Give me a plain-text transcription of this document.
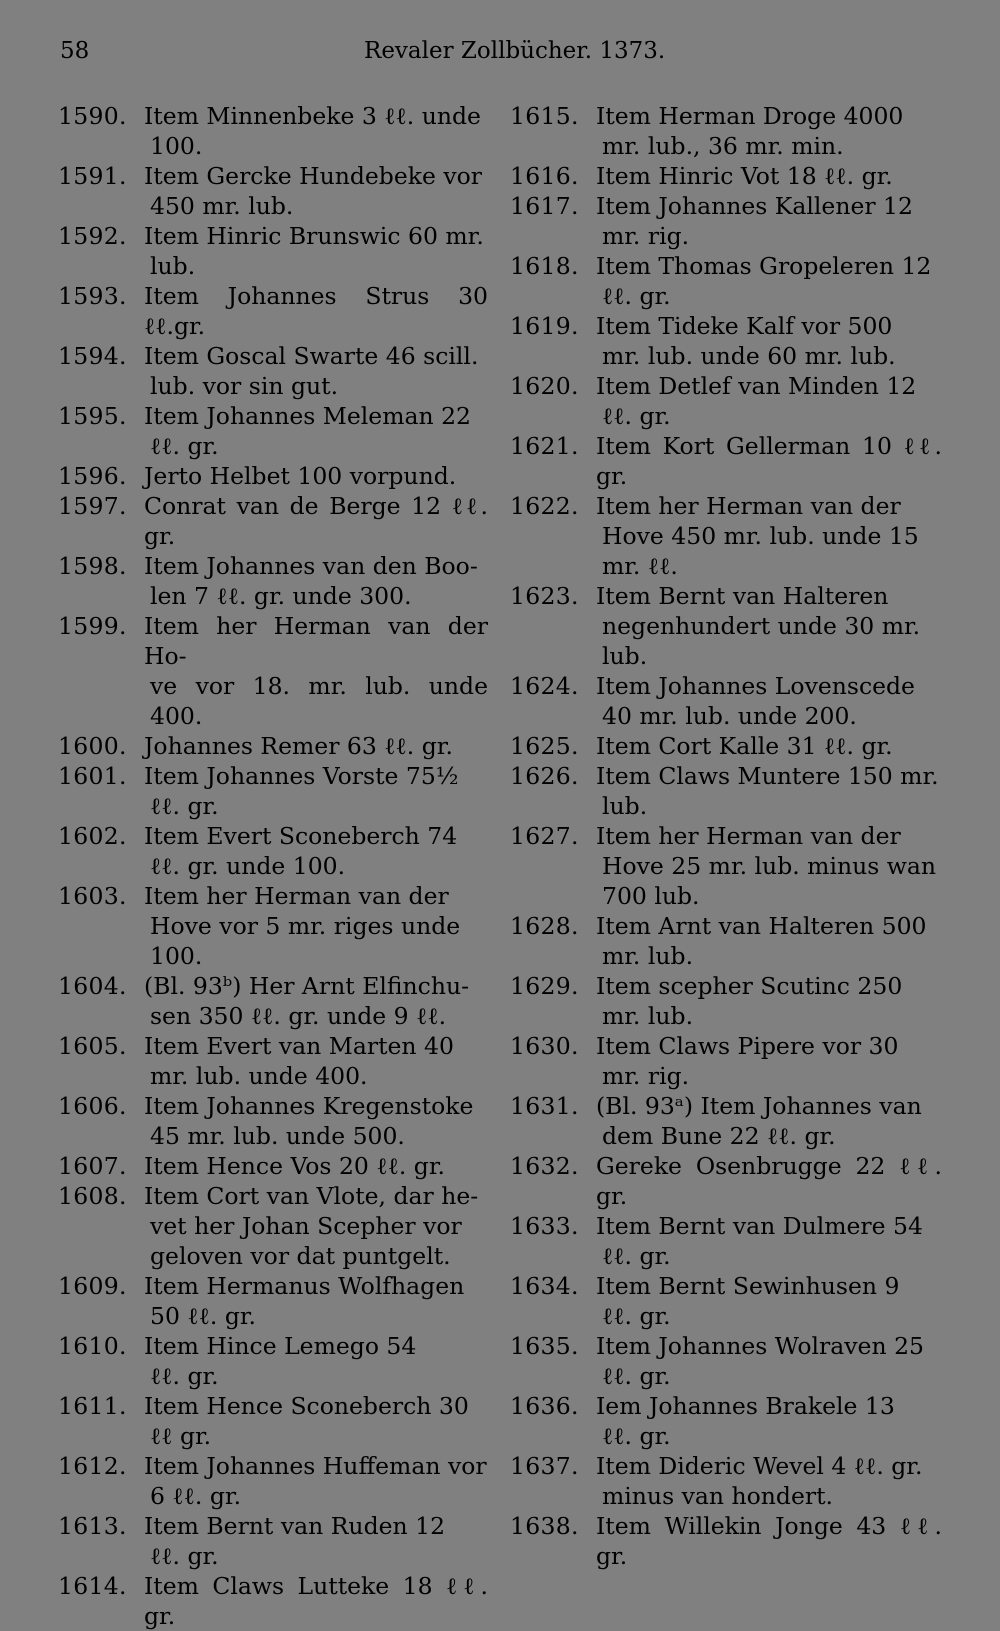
58	Revaler Zollbücher. 1373.
1590. Item Minnenbeke 3 ℓℓ. unde
100.
1591. Item Gercke Hundebeke vor
450 mr. lub.
1592. Item Hinric Brunswic 60 mr.
lub.
1593. Item Johannes Strus 30 ℓℓ.gr.
1594. Item Goscal Swarte 46 scill.
lub. vor sin gut.
1595. Item Johannes Meleman 22
ℓℓ. gr.
1596. Jerto Helbet 100 vorpund.
1597. Conrat van de Berge 12 ℓℓ. gr.
1598. Item Johannes van den Boo-
len 7 ℓℓ. gr. unde 300.
1599. Item her Herman van der Ho-
ve vor 18. mr. lub. unde 400.
1600. Johannes Remer 63 ℓℓ. gr.
1601. Item Johannes Vorste 75½
ℓℓ. gr.
1602. Item Evert Sconeberch 74
ℓℓ. gr. unde 100.
1603. Item her Herman van der
Hove vor 5 mr. riges unde
100.
1604. (Bl. 93ᵇ) Her Arnt Elfinchu-
sen 350 ℓℓ. gr. unde 9 ℓℓ.
1605. Item Evert van Marten 40
mr. lub. unde 400.
1606. Item Johannes Kregenstoke
45 mr. lub. unde 500.
1607. Item Hence Vos 20 ℓℓ. gr.
1608. Item Cort van Vlote, dar he-
vet her Johan Scepher vor
geloven vor dat puntgelt.
1609. Item Hermanus Wolfhagen
50 ℓℓ. gr.
1610. Item Hince Lemego 54
ℓℓ. gr.
1611. Item Hence Sconeberch 30
ℓℓ gr.
1612. Item Johannes Huffeman vor
6 ℓℓ. gr.
1613. Item Bernt van Ruden 12
ℓℓ. gr.
1614. Item Claws Lutteke 18 ℓℓ. gr.
1615. Item Herman Droge 4000
mr. lub., 36 mr. min.
1616. Item Hinric Vot 18 ℓℓ. gr.
1617. Item Johannes Kallener 12
mr. rig.
1618. Item Thomas Gropeleren 12
ℓℓ. gr.
1619. Item Tideke Kalf vor 500
mr. lub. unde 60 mr. lub.
1620. Item Detlef van Minden 12
ℓℓ. gr.
1621. Item Kort Gellerman 10 ℓℓ. gr.
1622. Item her Herman van der
Hove 450 mr. lub. unde 15
mr. ℓℓ.
1623. Item Bernt van Halteren
negenhundert unde 30 mr.
lub.
1624. Item Johannes Lovenscede
40 mr. lub. unde 200.
1625. Item Cort Kalle 31 ℓℓ. gr.
1626. Item Claws Muntere 150 mr.
lub.
1627. Item her Herman van der
Hove 25 mr. lub. minus wan
700 lub.
1628. Item Arnt van Halteren 500
mr. lub.
1629. Item scepher Scutinc 250
mr. lub.
1630. Item Claws Pipere vor 30
mr. rig.
1631. (Bl. 93ᵃ) Item Johannes van
dem Bune 22 ℓℓ. gr.
1632. Gereke Osenbrugge 22 ℓℓ. gr.
1633. Item Bernt van Dulmere 54
ℓℓ. gr.
1634. Item Bernt Sewinhusen 9
ℓℓ. gr.
1635. Item Johannes Wolraven 25
ℓℓ. gr.
1636. Iem Johannes Brakele 13
ℓℓ. gr.
1637. Item Dideric Wevel 4 ℓℓ. gr.
minus van hondert.
1638. Item Willekin Jonge 43 ℓℓ. gr.
